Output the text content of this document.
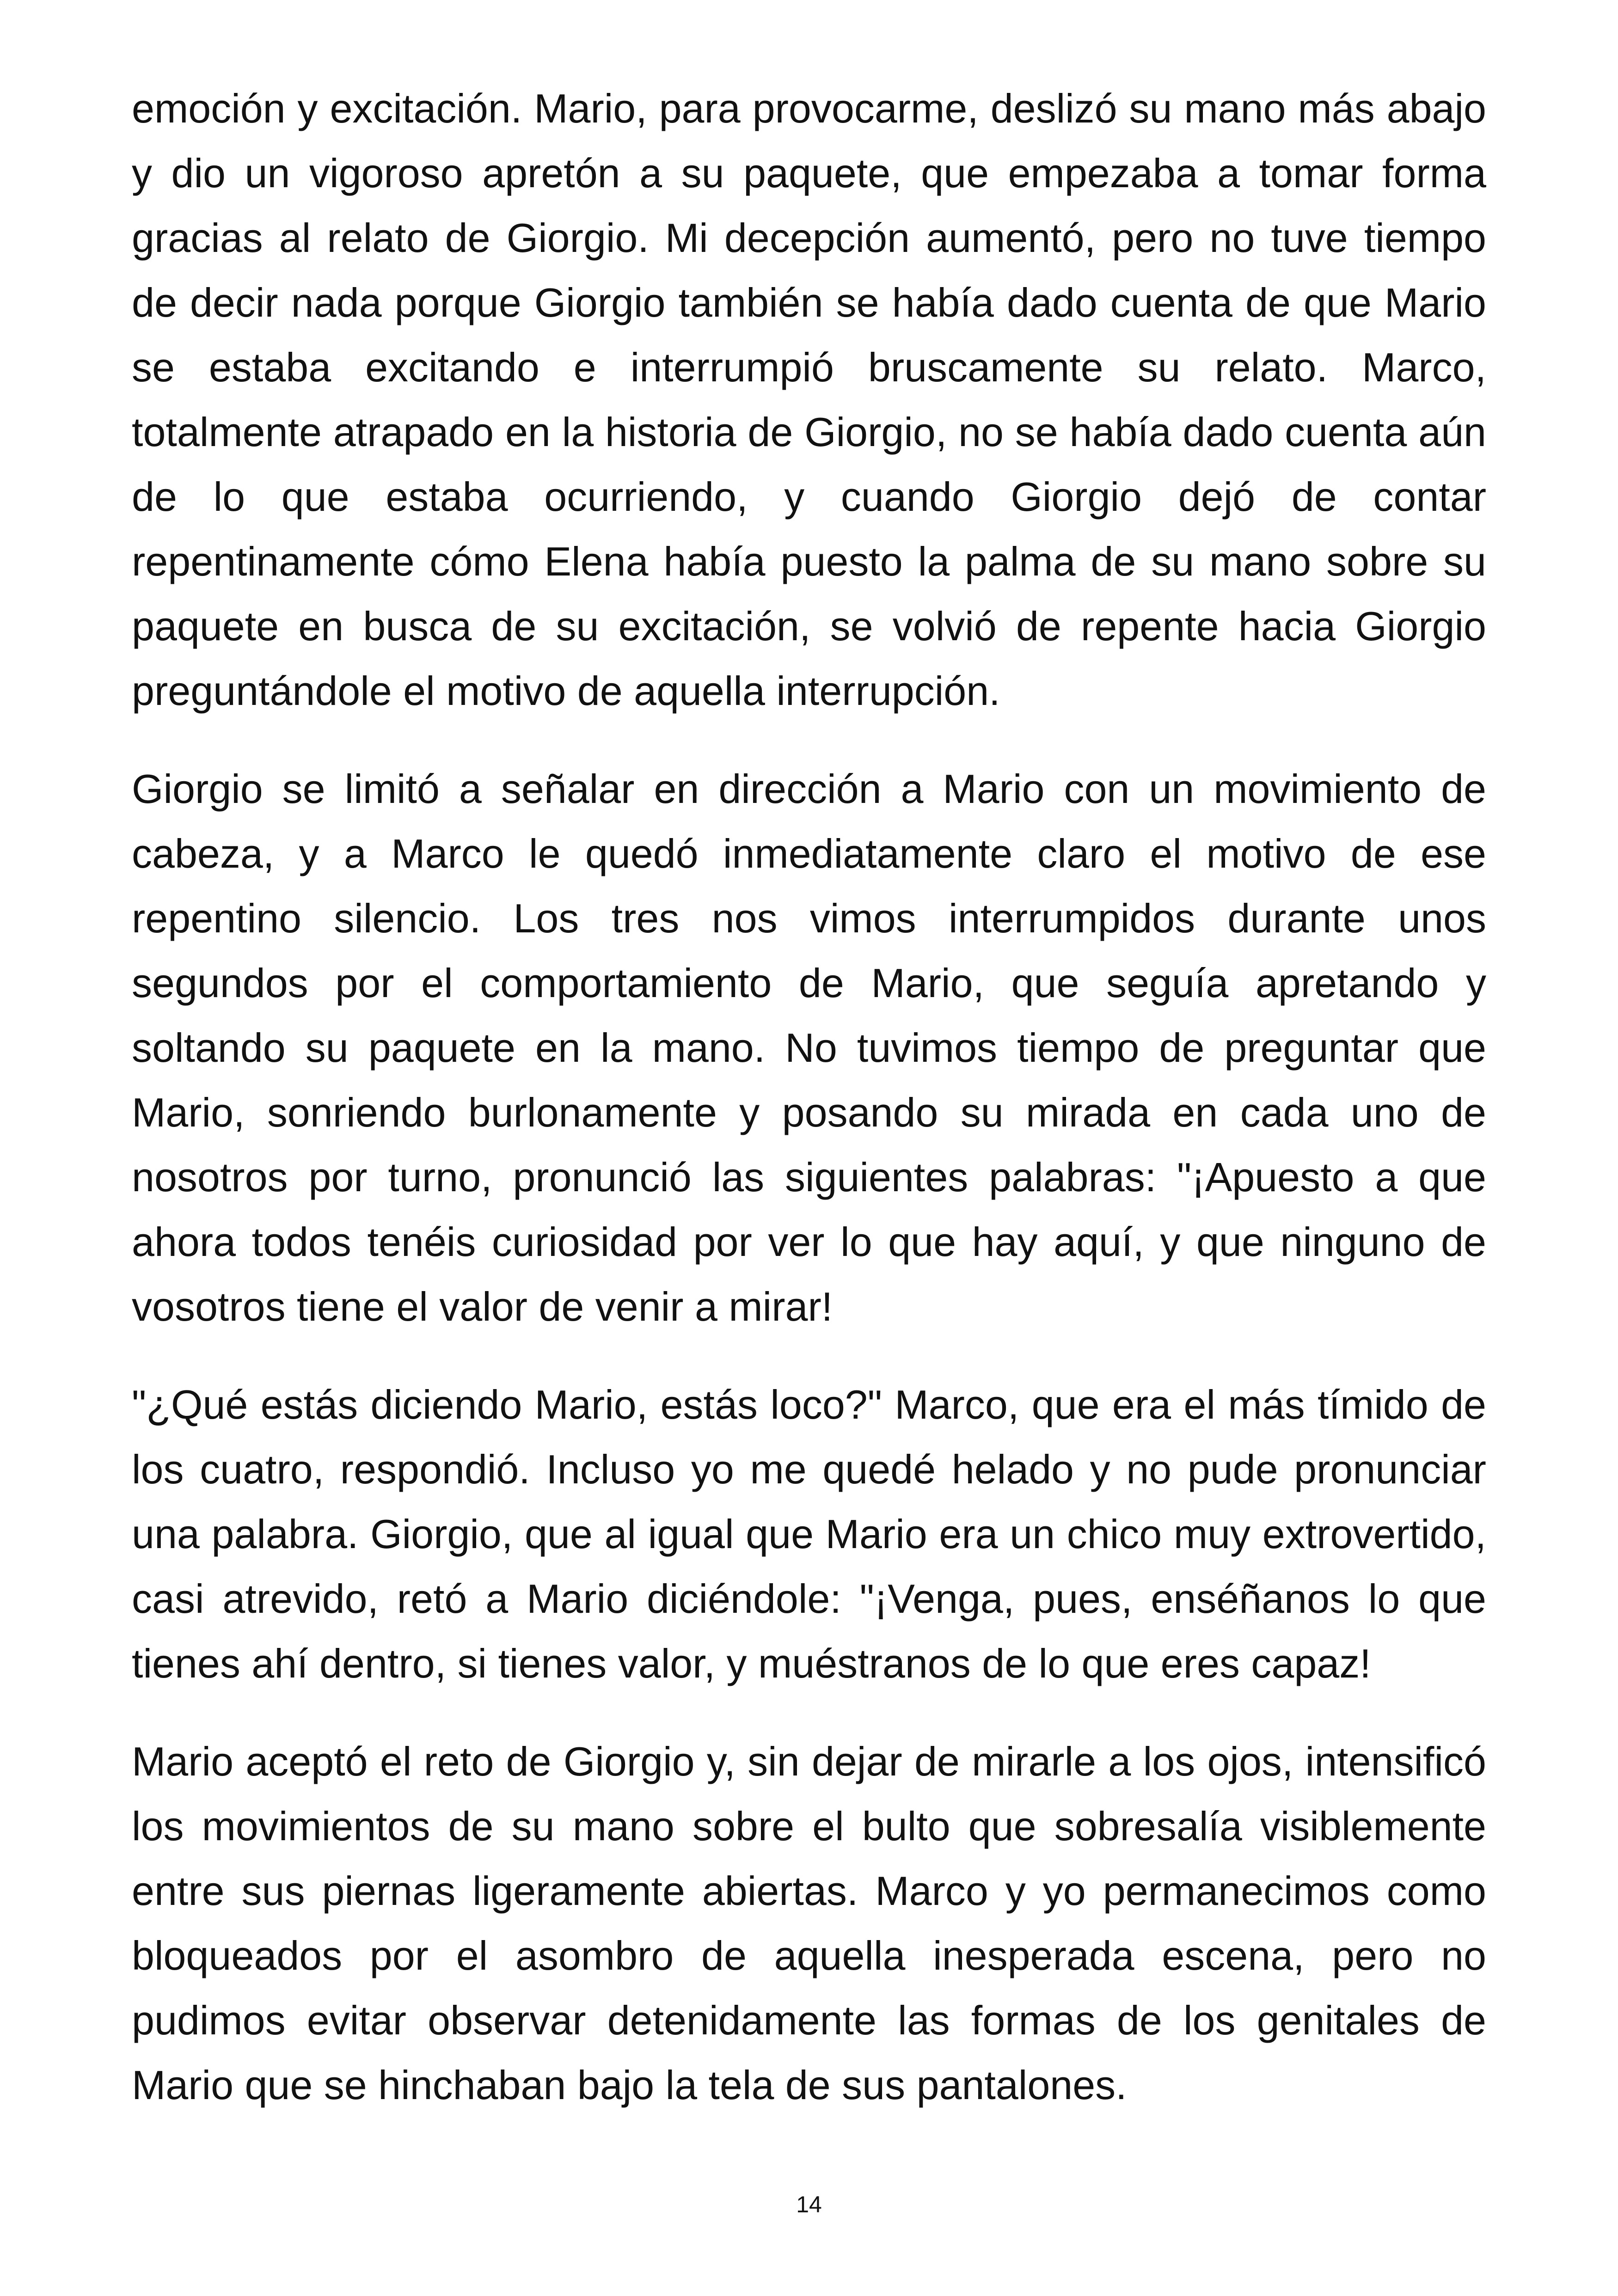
emoción y excitación. Mario, para provocarme, deslizó su mano más abajo y dio un vigoroso apretón a su paquete, que empezaba a tomar forma gracias al relato de Giorgio. Mi decepción aumentó, pero no tuve tiempo de decir nada porque Giorgio también se había dado cuenta de que Mario se estaba excitando e interrumpió bruscamente su relato. Marco, totalmente atrapado en la historia de Giorgio, no se había dado cuenta aún de lo que estaba ocurriendo, y cuando Giorgio dejó de contar repentinamente cómo Elena había puesto la palma de su mano sobre su paquete en busca de su excitación, se volvió de repente hacia Giorgio preguntándole el motivo de aquella interrupción.

Giorgio se limitó a señalar en dirección a Mario con un movimiento de cabeza, y a Marco le quedó inmediatamente claro el motivo de ese repentino silencio. Los tres nos vimos interrumpidos durante unos segundos por el comportamiento de Mario, que seguía apretando y soltando su paquete en la mano. No tuvimos tiempo de preguntar que Mario, sonriendo burlonamente y posando su mirada en cada uno de nosotros por turno, pronunció las siguientes palabras: "¡Apuesto a que ahora todos tenéis curiosidad por ver lo que hay aquí, y que ninguno de vosotros tiene el valor de venir a mirar!

"¿Qué estás diciendo Mario, estás loco?" Marco, que era el más tímido de los cuatro, respondió. Incluso yo me quedé helado y no pude pronunciar una palabra. Giorgio, que al igual que Mario era un chico muy extrovertido, casi atrevido, retó a Mario diciéndole: "¡Venga, pues, enséñanos lo que tienes ahí dentro, si tienes valor, y muéstranos de lo que eres capaz!

Mario aceptó el reto de Giorgio y, sin dejar de mirarle a los ojos, intensificó los movimientos de su mano sobre el bulto que sobresalía visiblemente entre sus piernas ligeramente abiertas. Marco y yo permanecimos como bloqueados por el asombro de aquella inesperada escena, pero no pudimos evitar observar detenidamente las formas de los genitales de Mario que se hinchaban bajo la tela de sus pantalones.

14
